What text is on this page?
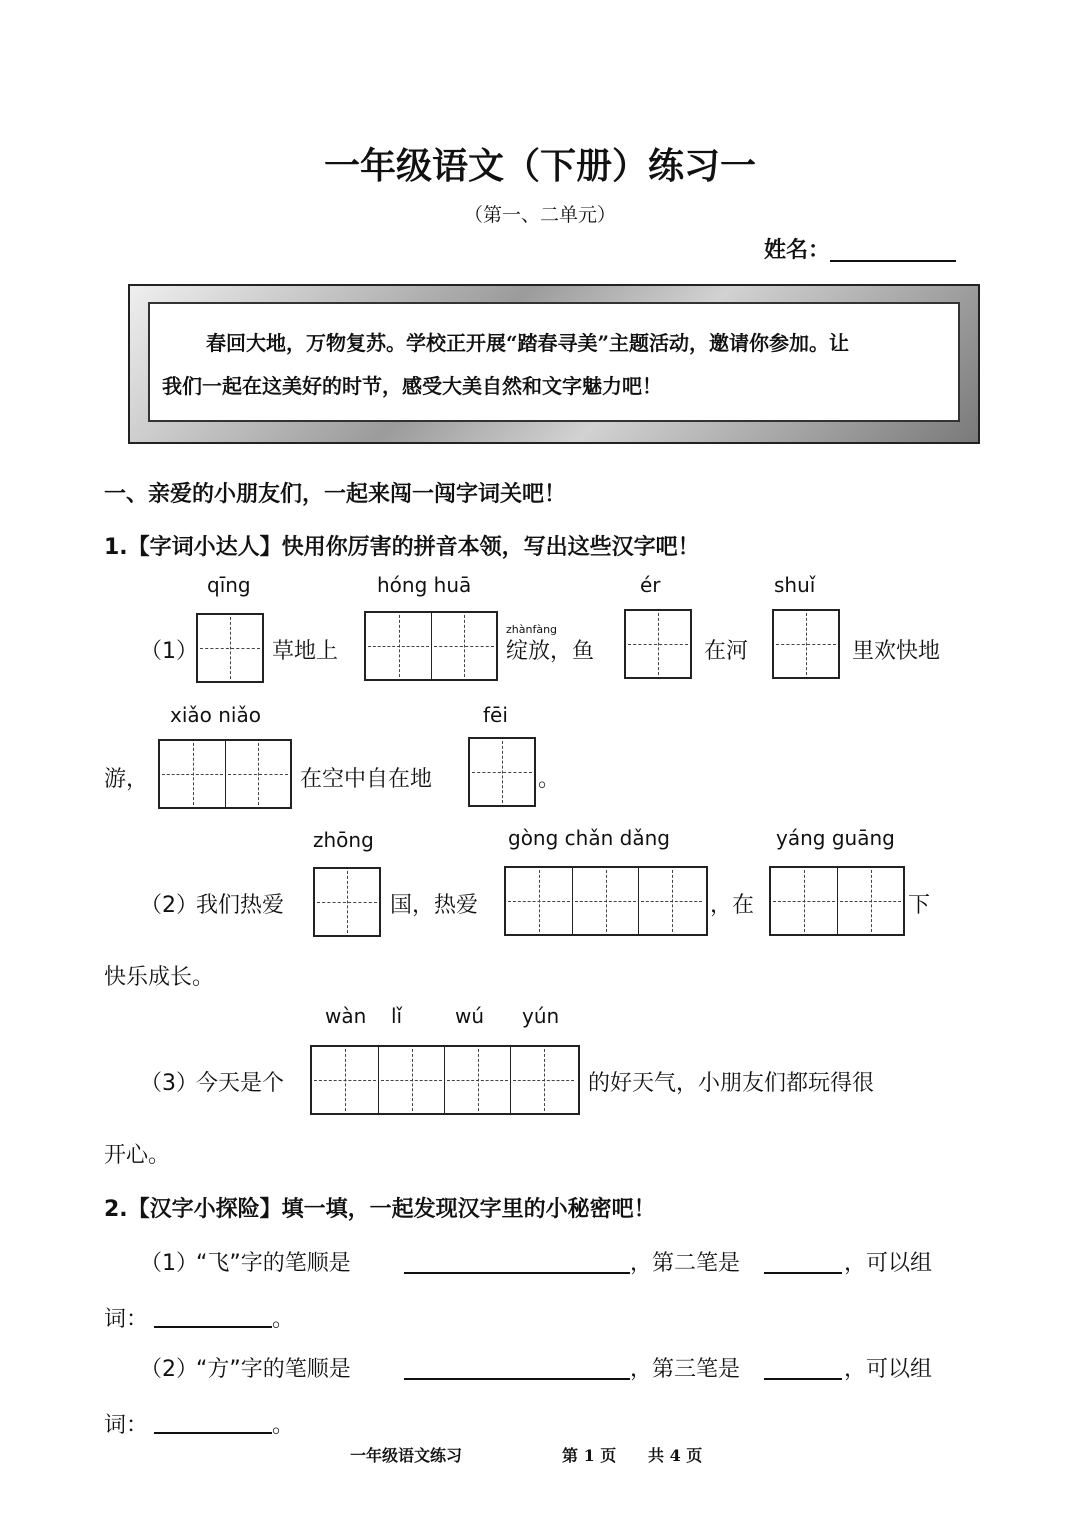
一年级语文（下册）练习一
（第一、二单元）
姓名：
春回大地，万物复苏。学校正开展“踏春寻美”主题活动，邀请你参加。让
我们一起在这美好的时节，感受大美自然和文字魅力吧！
一、亲爱的小朋友们，一起来闯一闯字词关吧！
1.【字词小达人】快用你厉害的拼音本领，写出这些汉字吧！
qīng	hóng huā	ér	shuǐ
（1）	草地上
zhànfàng
绽放，鱼	在河	里欢快地
xiǎo niǎo	fēi
游，	在空中自在地	。
zhōng	gòng chǎn dǎng	yáng guāng
（2）
我们热爱	国，热爱	，在	下
快乐成长。
wàn lǐ	wú yún
（3）
今天是个	的好天气，小朋友们都玩得很
开心。
2.【汉字小探险】填一填，一起发现汉字里的小秘密吧！
（1）
“飞”字的笔顺是	，第二笔是	，可以组
词：	。
（2）
“方”字的笔顺是	，第三笔是	，可以组
词：	。
一年级语文练习	第 1 页 共 4 页
